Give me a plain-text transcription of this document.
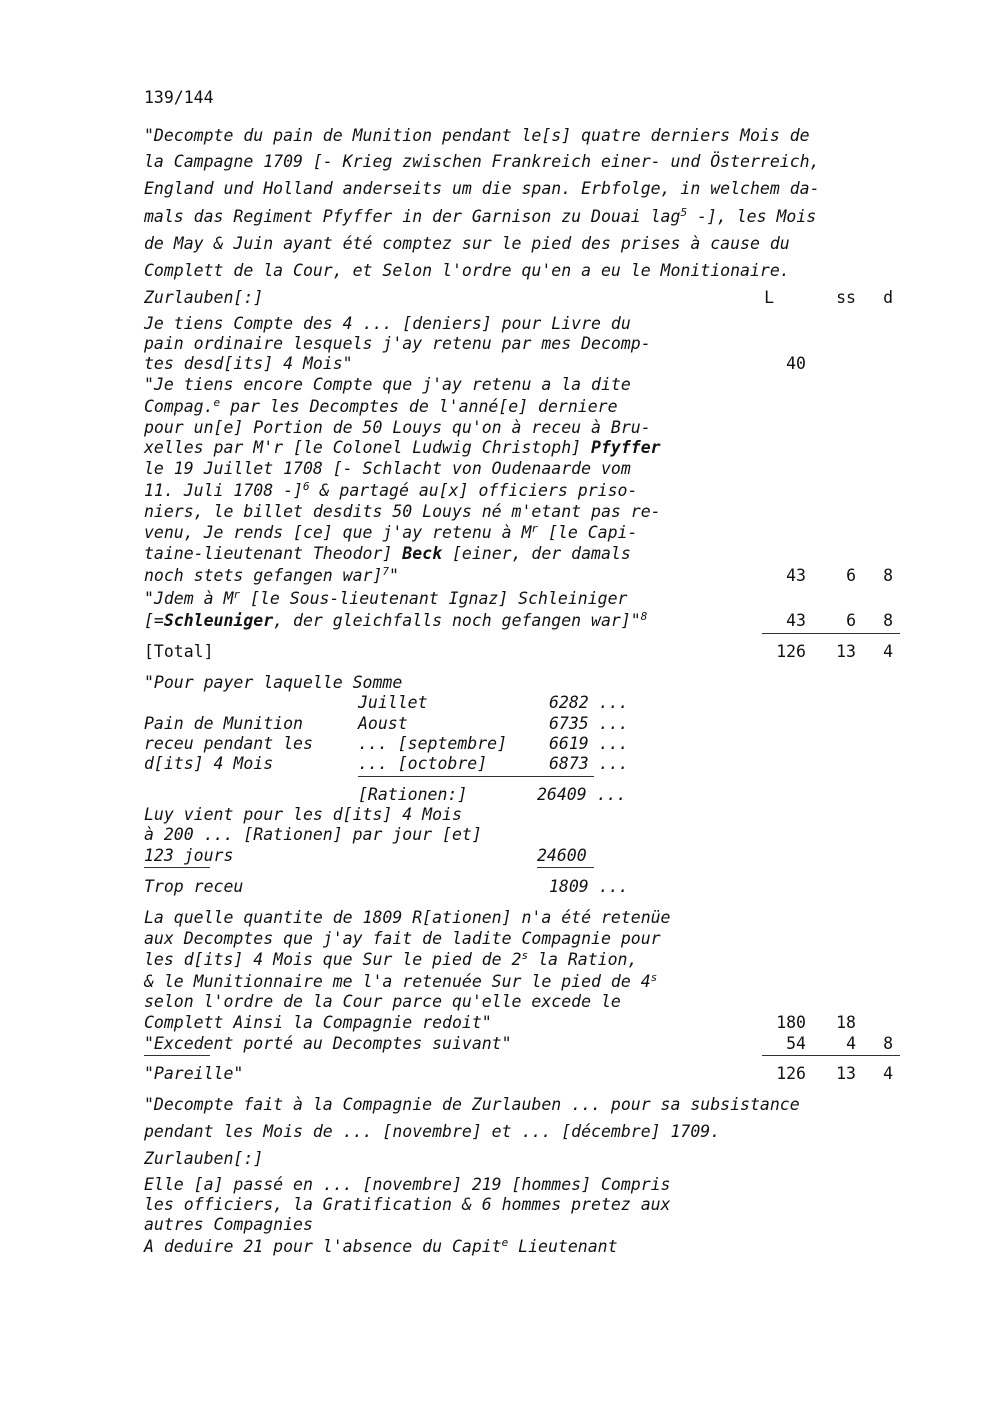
139/144
"Decompte du pain de Munition pendant le[s] quatre derniers Mois de
la Campagne 1709 [- Krieg zwischen Frankreich einer- und Österreich,
England und Holland anderseits um die span. Erbfolge, in welchem da-
mals das Regiment Pfyffer in der Garnison zu Douai lag$^5$ -], les Mois
de May & Juin ayant été comptez sur le pied des prises à cause du
Complett de la Cour, et Selon l'ordre qu'en a eu le Monitionaire.
Zurlauben[:]	L	ss	d
Je tiens Compte des 4 ... [deniers] pour Livre du
pain ordinaire lesquels j'ay retenu par mes Decomp-
tes desd[its] 4 Mois"	40
"Je tiens encore Compte que j'ay retenu a la dite
Compag.$^e$ par les Decomptes de l'anné[e] derniere
pour un[e] Portion de 50 Louys qu'on à receu à Bru-
xelles par M'r [le Colonel Ludwig Christoph] Pfyffer
le 19 Juillet 1708 [- Schlacht von Oudenaarde vom
11. Juli 1708 -]$^6$ & partagé au[x] officiers priso-
niers, le billet desdits 50 Louys né m'etant pas re-
venu, Je rends [ce] que j'ay retenu à $M^r$ [le Capi-
taine-lieutenant Theodor] Beck [einer, der damals
noch stets gefangen war]$^7$"	43	6	8
"Jdem à $M^r$ [le Sous-lieutenant Ignaz] Schleiniger
[=Schleuniger, der gleichfalls noch gefangen war]"$^8$	43	6	8
[Total]	126	13	4
"Pour payer laquelle Somme
Pain de Munition
receu pendant les
d[its] 4 Mois
Juillet	6282 ...
Aoust	6735 ...
... [septembre]	6619 ...
... [octobre]	6873 ...
[Rationen:]	26409 ...
Luy vient pour les d[its] 4 Mois
à 200 ... [Rationen] par jour [et]
123 jours	24600
Trop receu	1809 ...
La quelle quantite de 1809 R[ationen] n'a été retenüe
aux Decomptes que j'ay fait de ladite Compagnie pour
les d[its] 4 Mois que Sur le pied de 2$^s$ la Ration,
& le Munitionnaire me l'a retenuée Sur le pied de 4$^s$
selon l'ordre de la Cour parce qu'elle excede le
Complett Ainsi la Compagnie redoit"	180	18
"Excedent porté au Decomptes suivant"	54	4	8
"Pareille"	126	13	4
"Decompte fait à la Compagnie de Zurlauben ... pour sa subsistance
pendant les Mois de ... [novembre] et ... [décembre] 1709.
Zurlauben[:]
Elle [a] passé en ... [novembre] 219 [hommes] Compris
les officiers, la Gratification & 6 hommes pretez aux
autres Compagnies
A deduire 21 pour l'absence du Capit$^e$ Lieutenant
